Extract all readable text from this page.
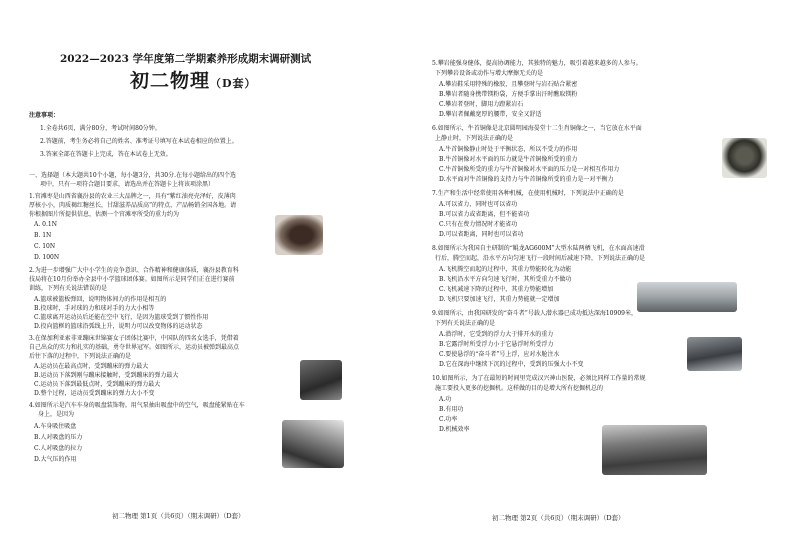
2022—2023 学年度第二学期素养形成期末调研测试
初二物理（D套）
注意事项：
1.全卷共6页，满分80分，考试时间80分钟。
2.答题前，考生务必将自己的姓名、准考证号填写在本试卷相应的位置上。
3.答案全部在答题卡上完成，答在本试卷上无效。
一、选择题（本大题共10个小题，每小题3分，共30分.在每小题给出的四个选
项中，只有一项符合题目要求，请选出并在答题卡上将该项涂黑）
1.官滩枣是山西省襄汾县的农业三大品牌之一，具有“紫红油亮壳泽好，皮薄肉
厚核小小，肉质褐红糖丝长，甘甜滋养品质高”的特点，产品畅销全国各地。请
你根据图片所提供信息，估测一个官滩枣所受的重力约为
A. 0.1N
B. 1N
C. 10N
D. 100N
2.为进一步增强广大中小学生的竞争意识、合作精神和健康体质，襄汾县教育科
技局将在10月份举办全县中小学篮球团体赛。如图所示是同学们正在进行赛前
训练，下列有关说法错误的是
A.篮球被篮板弹回，说明物体间力的作用是相互的
B.投球时，手对球的力和球对手的力大小相等
C.篮球离开运动员后还能在空中飞行，是因为篮球受到了惯性作用
D.投向篮框的篮球沿弧线上升，说明力可以改变物体的运动状态
3.在保加利亚索非亚蹦床世锦赛女子团体比赛中，中国队的四名女选手，凭借着
自己出众的实力和扎实的基础，勇夺世界冠军。如图所示，运动员被弹到最高点
后往下落的过程中，下列说法正确的是
A.运动员在最高点时，受到蹦床的弹力最大
B.运动员下落到刚与蹦床接触时，受到蹦床的弹力最大
C.运动员下落到最低点时，受到蹦床的弹力最大
D.整个过程，运动员受到蹦床的弹力大小不变
4.如图所示是汽车车身的吸盘装饰物。用气泵抽出吸盘中的空气，吸盘能紧贴在车
身上，是因为
A.车身吸住吸盘
B.人对吸盘的压力
C.人对吸盘的拉力
D.大气压的作用
初二物理 第1页（共6页）（期末调研）（D套）
5.攀岩能强身健体，提高协调能力，其独特的魅力，吸引着越来越多的人参与。
下列攀岩设备或动作与增大摩擦无关的是
A.攀岩鞋采用特殊的橡胶，且攀登时与岩石贴合紧密
B.攀岩者随身携带镁粉袋，方便手掌出汗时醮取镁粉
C.攀岩者登时，脚用力蹬紧岩石
D.攀岩者佩戴宽厚的腰带，安全又舒适
6.如图所示，牛首铜像是北京圆明园海晏堂十二生肖铜像之一，当它放在水平面
上静止时，下列说法正确的是
A.牛首铜像静止时处于平衡状态，所以不受力的作用
B.牛首铜像对水平面的压力就是牛首铜像所受的重力
C.牛首铜像所受的重力与牛首铜像对水平面的压力是一对相互作用力
D.水平面对牛首铜像的支持力与牛首铜像所受的重力是一对平衡力
7.生产和生活中经常使用各种机械，在使用机械时，下列说法中正确的是
A.可以省力，同时也可以省功
B.可以省力或省距离，但不能省功
C.只有在费力情况时才能省功
D.可以省距离，同时也可以省功
8.如图所示为我国自主研制的“鲲龙AG600M”大型水陆两栖飞机，在水面高速滑
行后，腾空而起，沿水平方向匀速飞行一段时间后减速下降，下列说法正确的是
A.飞机腾空而起的过程中，其重力势能转化为动能
B.飞机沿水平方向匀速飞行时，其所受重力不做功
C.飞机减速下降的过程中，其重力势能增加
D.飞机只要加速飞行，其重力势能就一定增加
9.如图所示，由我国研发的“奋斗者”号载人潜水器已成功抵达深海10909米，
下列有关说法正确的是
A.潜浮时，它受到的浮力大于排开水的重力
B.它露浮时所受浮力小于它悬浮时所受浮力
C.要使悬浮的“奋斗者”号上浮，应对水舱注水
D.它在深海中继续下沉的过程中，受到的压强大小不变
10.如图所示，为了在最短的时间里完成汉兴神山医院，必须比同样工作量的常规
施工要投入更多的挖掘机。这样做的目的是增大所有挖掘机总的
A.功
B.有用功
C.功率
D.机械效率
初二物理 第2页（共6页）（期末调研）（D套）
